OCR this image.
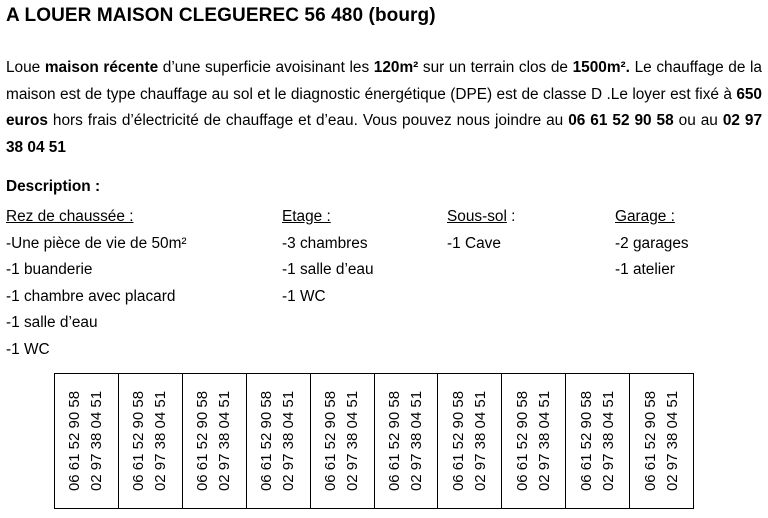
A LOUER MAISON CLEGUEREC 56 480 (bourg)
Loue maison récente d’une superficie avoisinant les 120m² sur un terrain clos de 1500m². Le chauffage de la maison est de type chauffage au sol et le diagnostic énergétique (DPE) est de classe D .Le loyer est fixé à 650 euros hors frais d’électricité de chauffage et d’eau. Vous pouvez nous joindre au 06 61 52 90 58 ou au 02 97 38 04 51
Description :
Rez de chaussée :
-Une pièce de vie de 50m²
-1 buanderie
-1 chambre avec placard
-1 salle d’eau
-1 WC
Etage :
-3 chambres
-1 salle d’eau
-1 WC
Sous-sol :
-1 Cave
Garage :
-2 garages
-1 atelier
06 61 52 90 58 02 97 38 04 51 06 61 52 90 58 02 97 38 04 51 06 61 52 90 58 02 97 38 04 51 06 61 52 90 58 02 97 38 04 51 06 61 52 90 58 02 97 38 04 51 06 61 52 90 58 02 97 38 04 51 06 61 52 90 58 02 97 38 04 51 06 61 52 90 58 02 97 38 04 51 06 61 52 90 58 02 97 38 04 51 06 61 52 90 58 02 97 38 04 51
